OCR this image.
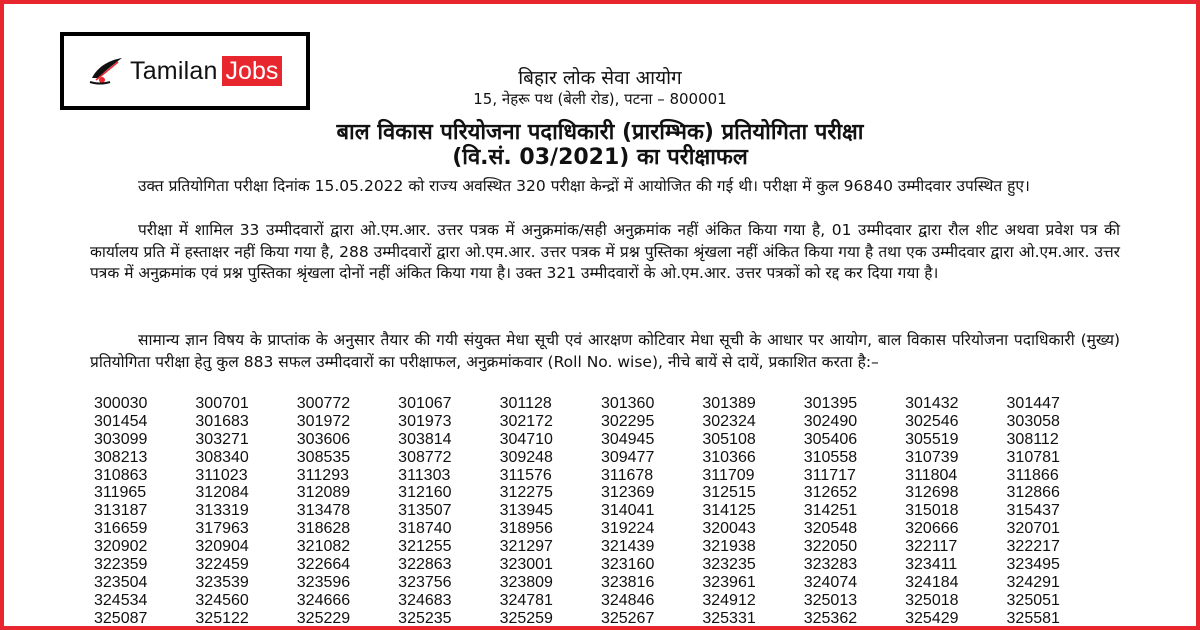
Tamilan Jobs	बिहार लोक सेवा आयोग
15, नेहरू पथ (बेली रोड), पटना – 800001
बाल विकास परियोजना पदाधिकारी (प्रारम्भिक) प्रतियोगिता परीक्षा
(वि.सं. 03/2021) का परीक्षाफल
उक्त प्रतियोगिता परीक्षा दिनांक 15.05.2022 को राज्य अवस्थित 320 परीक्षा केन्द्रों में आयोजित की गई थी। परीक्षा में कुल 96840 उम्मीदवार उपस्थित हुए।
परीक्षा में शामिल 33 उम्मीदवारों द्वारा ओ.एम.आर. उत्तर पत्रक में अनुक्रमांक/सही अनुक्रमांक नहीं अंकित किया गया है, 01 उम्मीदवार द्वारा रौल शीट अथवा प्रवेश पत्र की कार्यालय प्रति में हस्ताक्षर नहीं किया गया है, 288 उम्मीदवारों द्वारा ओ.एम.आर. उत्तर पत्रक में प्रश्न पुस्तिका श्रृंखला नहीं अंकित किया गया है तथा एक उम्मीदवार द्वारा ओ.एम.आर. उत्तर पत्रक में अनुक्रमांक एवं प्रश्न पुस्तिका श्रृंखला दोनों नहीं अंकित किया गया है। उक्त 321 उम्मीदवारों के ओ.एम.आर. उत्तर पत्रकों को रद्द कर दिया गया है।
सामान्य ज्ञान विषय के प्राप्तांक के अनुसार तैयार की गयी संयुक्त मेधा सूची एवं आरक्षण कोटिवार मेधा सूची के आधार पर आयोग, बाल विकास परियोजना पदाधिकारी (मुख्य) प्रतियोगिता परीक्षा हेतु कुल 883 सफल उम्मीदवारों का परीक्षाफल, अनुक्रमांकवार (Roll No. wise), नीचे बायें से दायें, प्रकाशित करता है:–
300030	300701	300772	301067	301128	301360	301389	301395	301432	301447
301454	301683	301972	301973	302172	302295	302324	302490	302546	303058
303099	303271	303606	303814	304710	304945	305108	305406	305519	308112
308213	308340	308535	308772	309248	309477	310366	310558	310739	310781
310863	311023	311293	311303	311576	311678	311709	311717	311804	311866
311965	312084	312089	312160	312275	312369	312515	312652	312698	312866
313187	313319	313478	313507	313945	314041	314125	314251	315018	315437
316659	317963	318628	318740	318956	319224	320043	320548	320666	320701
320902	320904	321082	321255	321297	321439	321938	322050	322117	322217
322359	322459	322664	322863	323001	323160	323235	323283	323411	323495
323504	323539	323596	323756	323809	323816	323961	324074	324184	324291
324534	324560	324666	324683	324781	324846	324912	325013	325018	325051
325087	325122	325229	325235	325259	325267	325331	325362	325429	325581
